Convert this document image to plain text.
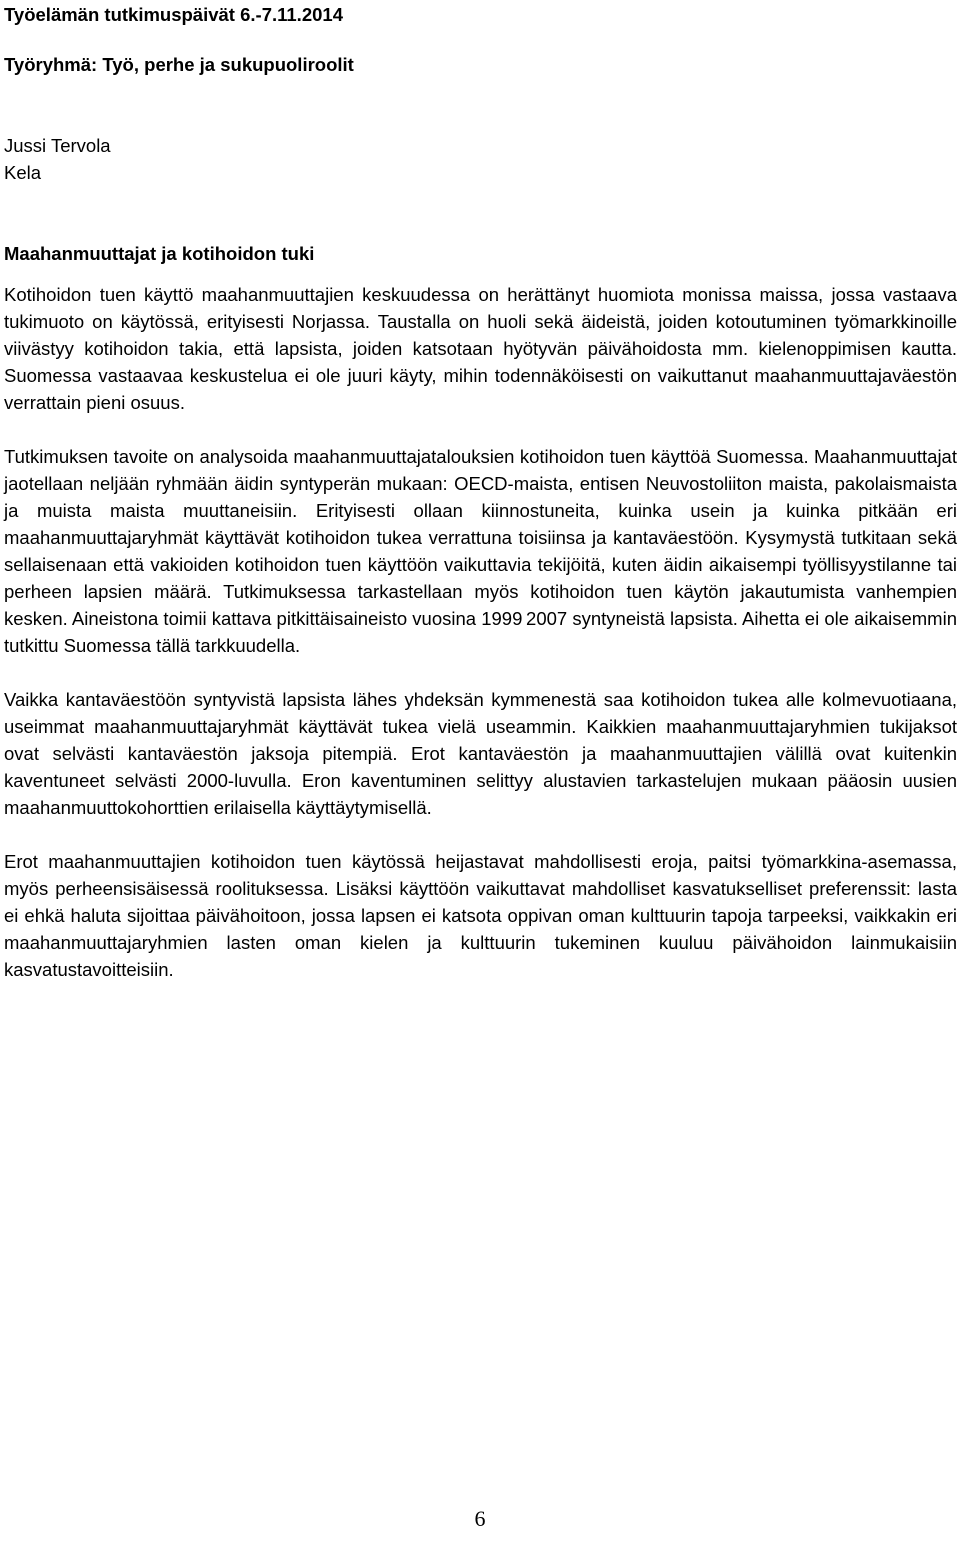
Työelämän tutkimuspäivät 6.-7.11.2014

Työryhmä: Työ, perhe ja sukupuoliroolit

Jussi Tervola
Kela

Maahanmuuttajat ja kotihoidon tuki

Kotihoidon tuen käyttö maahanmuuttajien keskuudessa on herättänyt huomiota monissa maissa, jossa vastaava tukimuoto on käytössä, erityisesti Norjassa. Taustalla on huoli sekä äideistä, joiden kotoutuminen työmarkkinoille viivästyy kotihoidon takia, että lapsista, joiden katsotaan hyötyvän päivähoidosta mm. kielenoppimisen kautta. Suomessa vastaavaa keskustelua ei ole juuri käyty, mihin todennäköisesti on vaikuttanut maahanmuuttajaväestön verrattain pieni osuus.

Tutkimuksen tavoite on analysoida maahanmuuttajatalouksien kotihoidon tuen käyttöä Suomessa. Maahanmuuttajat jaotellaan neljään ryhmään äidin syntyperän mukaan: OECD-maista, entisen Neuvostoliiton maista, pakolaismaista ja muista maista muuttaneisiin. Erityisesti ollaan kiinnostuneita, kuinka usein ja kuinka pitkään eri maahanmuuttajaryhmät käyttävät kotihoidon tukea verrattuna toisiinsa ja kantaväestöön. Kysymystä tutkitaan sekä sellaisenaan että vakioiden kotihoidon tuen käyttöön vaikuttavia tekijöitä, kuten äidin aikaisempi työllisyystilanne tai perheen lapsien määrä. Tutkimuksessa tarkastellaan myös kotihoidon tuen käytön jakautumista vanhempien kesken. Aineistona toimii kattava pitkittäisaineisto vuosina 1999 2007 syntyneistä lapsista. Aihetta ei ole aikaisemmin tutkittu Suomessa tällä tarkkuudella.

Vaikka kantaväestöön syntyvistä lapsista lähes yhdeksän kymmenestä saa kotihoidon tukea alle kolmevuotiaana, useimmat maahanmuuttajaryhmät käyttävät tukea vielä useammin. Kaikkien maahanmuuttajaryhmien tukijaksot ovat selvästi kantaväestön jaksoja pitempiä. Erot kantaväestön ja maahanmuuttajien välillä ovat kuitenkin kaventuneet selvästi 2000-luvulla. Eron kaventuminen selittyy alustavien tarkastelujen mukaan pääosin uusien maahanmuuttokohorttien erilaisella käyttäytymisellä.

Erot maahanmuuttajien kotihoidon tuen käytössä heijastavat mahdollisesti eroja, paitsi työmarkkina-asemassa, myös perheensisäisessä roolituksessa. Lisäksi käyttöön vaikuttavat mahdolliset kasvatukselliset preferenssit: lasta ei ehkä haluta sijoittaa päivähoitoon, jossa lapsen ei katsota oppivan oman kulttuurin tapoja tarpeeksi, vaikkakin eri maahanmuuttajaryhmien lasten oman kielen ja kulttuurin tukeminen kuuluu päivähoidon lainmukaisiin kasvatustavoitteisiin.

6
